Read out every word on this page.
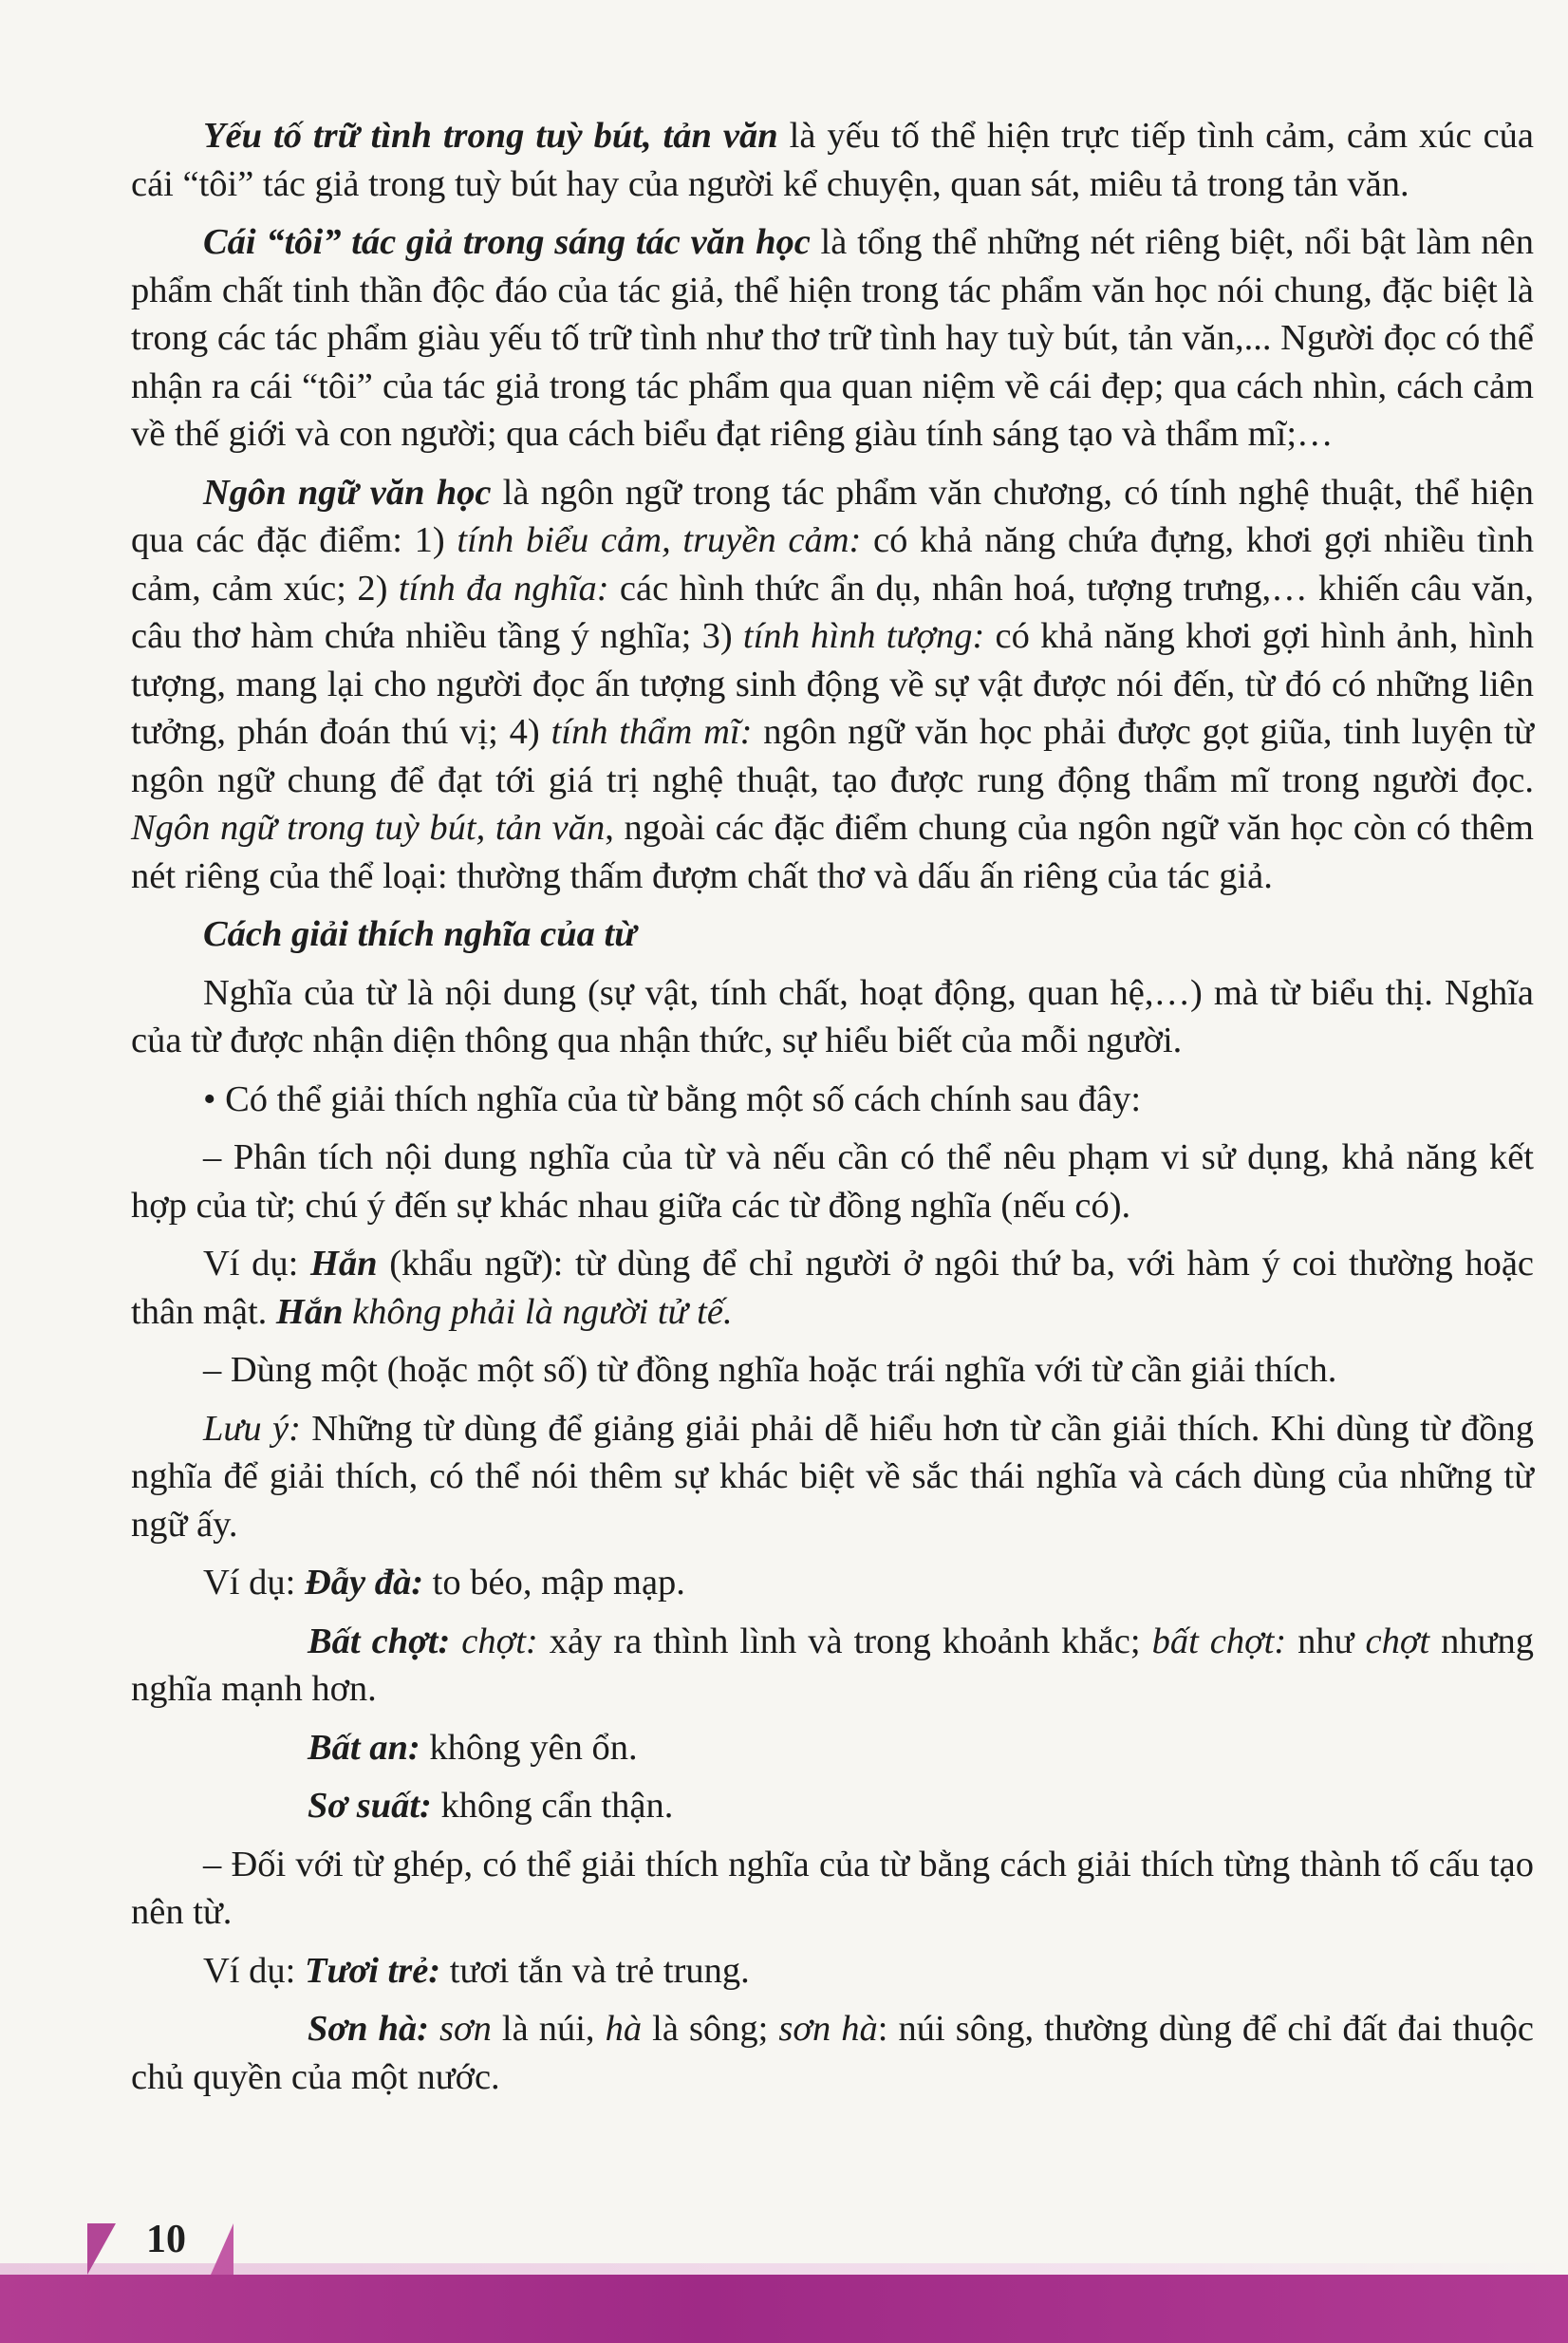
Yếu tố trữ tình trong tuỳ bút, tản văn là yếu tố thể hiện trực tiếp tình cảm, cảm xúc của cái “tôi” tác giả trong tuỳ bút hay của người kể chuyện, quan sát, miêu tả trong tản văn.

Cái “tôi” tác giả trong sáng tác văn học là tổng thể những nét riêng biệt, nổi bật làm nên phẩm chất tinh thần độc đáo của tác giả, thể hiện trong tác phẩm văn học nói chung, đặc biệt là trong các tác phẩm giàu yếu tố trữ tình như thơ trữ tình hay tuỳ bút, tản văn,... Người đọc có thể nhận ra cái “tôi” của tác giả trong tác phẩm qua quan niệm về cái đẹp; qua cách nhìn, cách cảm về thế giới và con người; qua cách biểu đạt riêng giàu tính sáng tạo và thẩm mĩ;…

Ngôn ngữ văn học là ngôn ngữ trong tác phẩm văn chương, có tính nghệ thuật, thể hiện qua các đặc điểm: 1) tính biểu cảm, truyền cảm: có khả năng chứa đựng, khơi gợi nhiều tình cảm, cảm xúc; 2) tính đa nghĩa: các hình thức ẩn dụ, nhân hoá, tượng trưng,… khiến câu văn, câu thơ hàm chứa nhiều tầng ý nghĩa; 3) tính hình tượng: có khả năng khơi gợi hình ảnh, hình tượng, mang lại cho người đọc ấn tượng sinh động về sự vật được nói đến, từ đó có những liên tưởng, phán đoán thú vị; 4) tính thẩm mĩ: ngôn ngữ văn học phải được gọt giũa, tinh luyện từ ngôn ngữ chung để đạt tới giá trị nghệ thuật, tạo được rung động thẩm mĩ trong người đọc. Ngôn ngữ trong tuỳ bút, tản văn, ngoài các đặc điểm chung của ngôn ngữ văn học còn có thêm nét riêng của thể loại: thường thấm đượm chất thơ và dấu ấn riêng của tác giả.

Cách giải thích nghĩa của từ

Nghĩa của từ là nội dung (sự vật, tính chất, hoạt động, quan hệ,…) mà từ biểu thị. Nghĩa của từ được nhận diện thông qua nhận thức, sự hiểu biết của mỗi người.

• Có thể giải thích nghĩa của từ bằng một số cách chính sau đây:

– Phân tích nội dung nghĩa của từ và nếu cần có thể nêu phạm vi sử dụng, khả năng kết hợp của từ; chú ý đến sự khác nhau giữa các từ đồng nghĩa (nếu có).

Ví dụ: Hắn (khẩu ngữ): từ dùng để chỉ người ở ngôi thứ ba, với hàm ý coi thường hoặc thân mật. Hắn không phải là người tử tế.

– Dùng một (hoặc một số) từ đồng nghĩa hoặc trái nghĩa với từ cần giải thích.

Lưu ý: Những từ dùng để giảng giải phải dễ hiểu hơn từ cần giải thích. Khi dùng từ đồng nghĩa để giải thích, có thể nói thêm sự khác biệt về sắc thái nghĩa và cách dùng của những từ ngữ ấy.

Ví dụ: Đẫy đà: to béo, mập mạp.

Bất chợt: chợt: xảy ra thình lình và trong khoảnh khắc; bất chợt: như chợt nhưng nghĩa mạnh hơn.

Bất an: không yên ổn.

Sơ suất: không cẩn thận.

– Đối với từ ghép, có thể giải thích nghĩa của từ bằng cách giải thích từng thành tố cấu tạo nên từ.

Ví dụ: Tươi trẻ: tươi tắn và trẻ trung.

Sơn hà: sơn là núi, hà là sông; sơn hà: núi sông, thường dùng để chỉ đất đai thuộc chủ quyền của một nước.

10
